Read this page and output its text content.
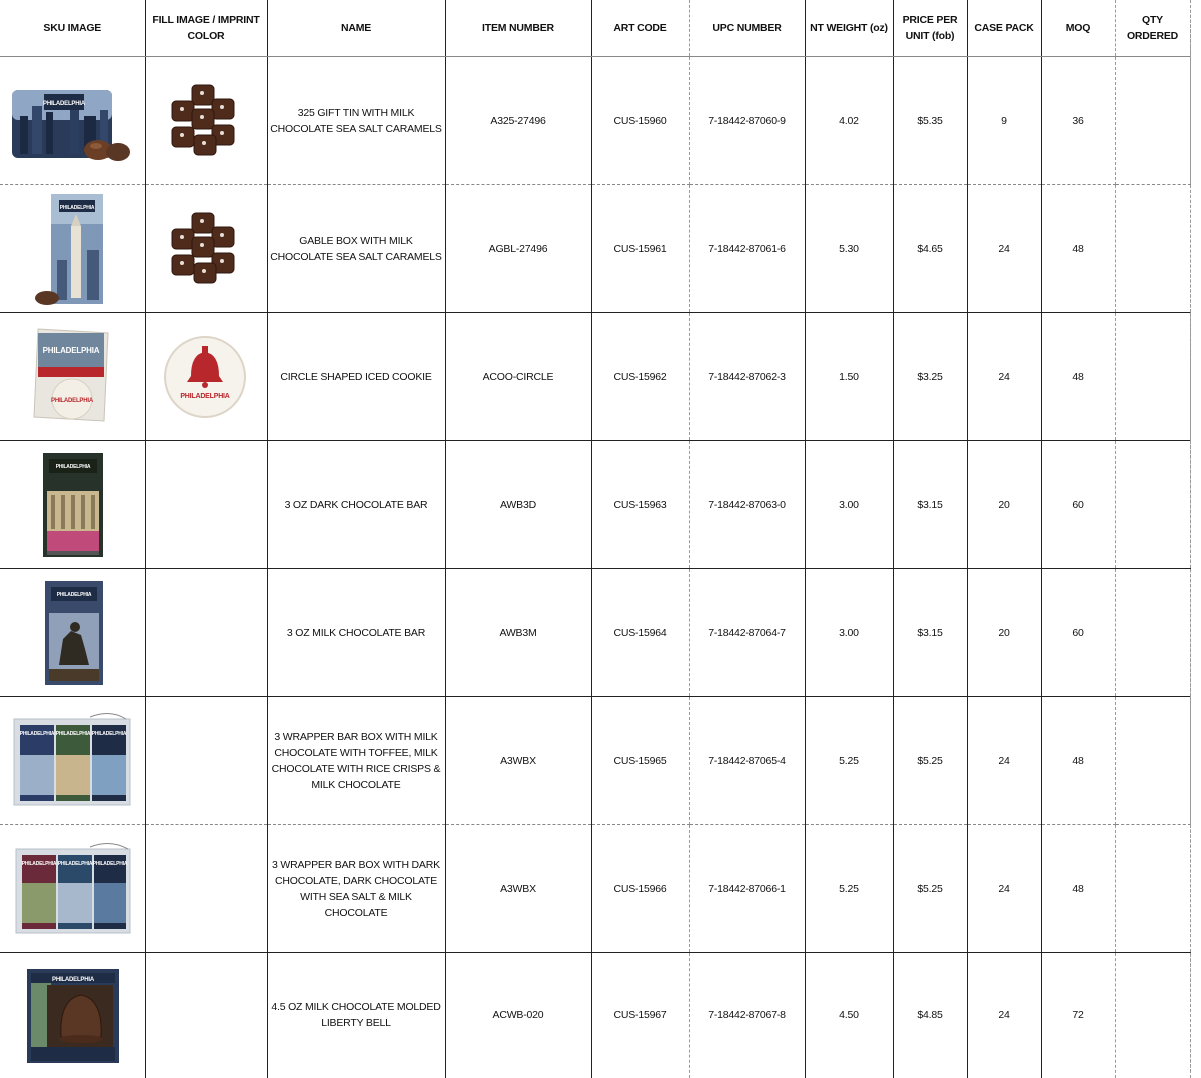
SKU IMAGE	FILL IMAGE / IMPRINT COLOR	NAME	ITEM NUMBER	ART CODE	UPC NUMBER	NT WEIGHT (oz)	PRICE PER UNIT (fob)	CASE PACK	MOQ	QTY ORDERED

PHILADELPHIA		325 GIFT TIN WITH MILK CHOCOLATE SEA SALT CARAMELS	A325-27496	CUS-15960	7-18442-87060-9	4.02	$5.35	9	36	

PHILADELPHIA		GABLE BOX WITH MILK CHOCOLATE SEA SALT CARAMELS	AGBL-27496	CUS-15961	7-18442-87061-6	5.30	$4.65	24	48	

PHILADELPHIA
PHILADELPHIA	PHILADELPHIA	CIRCLE SHAPED ICED COOKIE	ACOO-CIRCLE	CUS-15962	7-18442-87062-3	1.50	$3.25	24	48	

PHILADELPHIA		3 OZ DARK CHOCOLATE BAR	AWB3D	CUS-15963	7-18442-87063-0	3.00	$3.15	20	60	

PHILADELPHIA		3 OZ MILK CHOCOLATE BAR	AWB3M	CUS-15964	7-18442-87064-7	3.00	$3.15	20	60	

PHILADELPHIA PHILADELPHIA PHILADELPHIA		3 WRAPPER BAR BOX WITH MILK CHOCOLATE WITH TOFFEE, MILK CHOCOLATE WITH RICE CRISPS & MILK CHOCOLATE	A3WBX	CUS-15965	7-18442-87065-4	5.25	$5.25	24	48	

PHILADELPHIA PHILADELPHIA PHILADELPHIA		3 WRAPPER BAR BOX WITH DARK CHOCOLATE, DARK CHOCOLATE WITH SEA SALT & MILK CHOCOLATE	A3WBX	CUS-15966	7-18442-87066-1	5.25	$5.25	24	48	

PHILADELPHIA		4.5 OZ MILK CHOCOLATE MOLDED LIBERTY BELL	ACWB-020	CUS-15967	7-18442-87067-8	4.50	$4.85	24	72	
